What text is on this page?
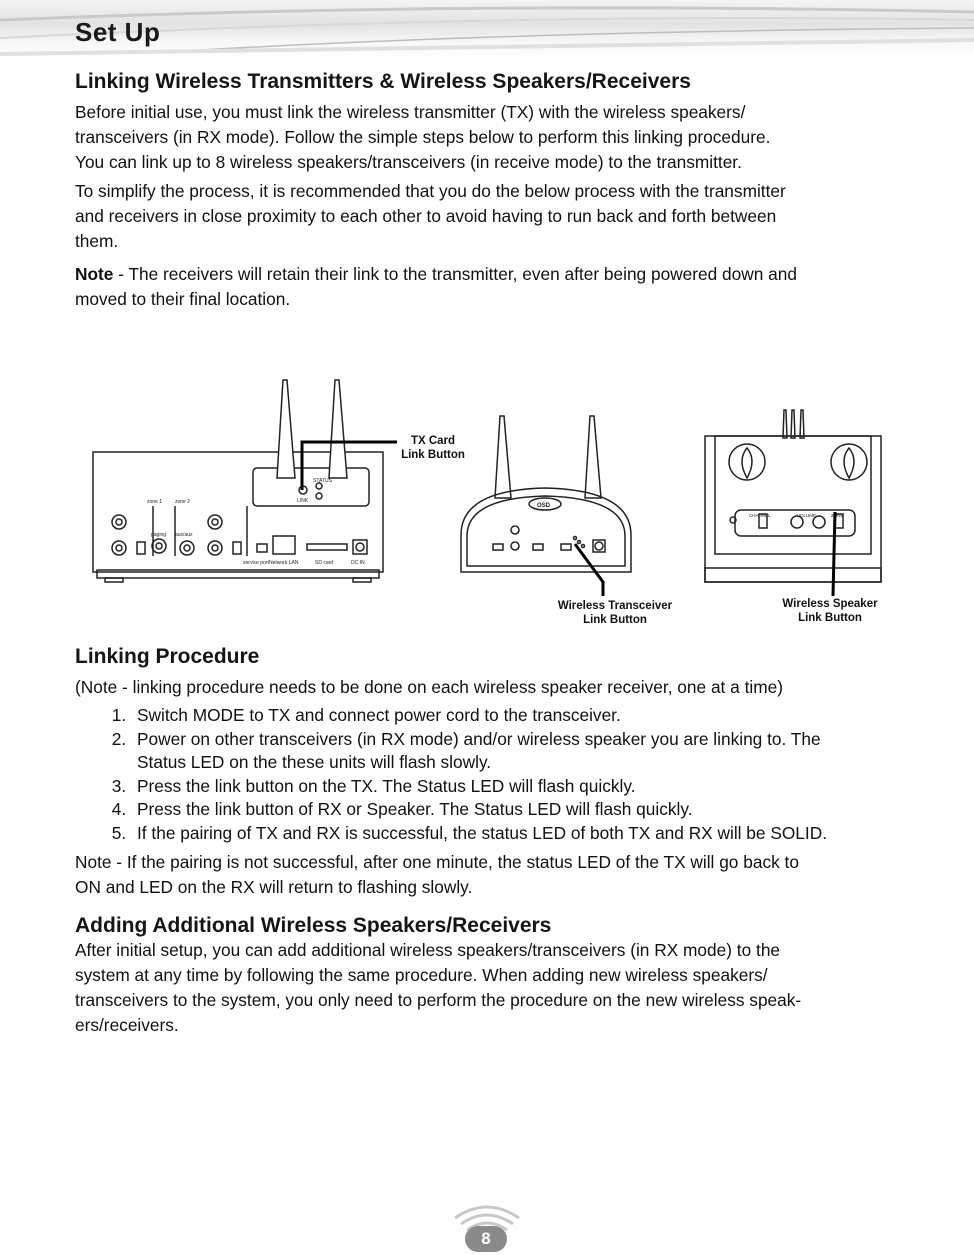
Set Up
Linking Wireless Transmitters & Wireless Speakers/Receivers

Before initial use, you must link the wireless transmitter (TX) with the wireless speakers/

transceivers (in RX mode). Follow the simple steps below to perform this linking procedure.

You can link up to 8 wireless speakers/transceivers (in receive mode) to the transmitter.

To simplify the process, it is recommended that you do the below process with the transmitter

and receivers in close proximity to each other to avoid having to run back and forth between

them.

Note - The receivers will retain their link to the transmitter, even after being powered down and

moved to their final location.

zone 1	zone 2
paging aux/aux
service port Network LAN	SD card	DC IN
STATUS
LINK
OSD
CHANNEL	VOLUME	ZONE
TX Card
Link Button
Wireless Transceiver
Link Button
Wireless Speaker
Link Button
Linking Procedure

(Note - linking procedure needs to be done on each wireless speaker receiver, one at a time)

1. Switch MODE to TX and connect power cord to the transceiver.
2. Power on other transceivers (in RX mode) and/or wireless speaker you are linking to. The
Status LED on the these units will flash slowly.
3. Press the link button on the TX. The Status LED will flash quickly.
4. Press the link button of RX or Speaker. The Status LED will flash quickly.
5. If the pairing of TX and RX is successful, the status LED of both TX and RX will be SOLID.

Note - If the pairing is not successful, after one minute, the status LED of the TX will go back to

ON and LED on the RX will return to flashing slowly.

Adding Additional Wireless Speakers/Receivers

After initial setup, you can add additional wireless speakers/transceivers (in RX mode) to the

system at any time by following the same procedure. When adding new wireless speakers/

transceivers to the system, you only need to perform the procedure on the new wireless speak-

ers/receivers.

8
